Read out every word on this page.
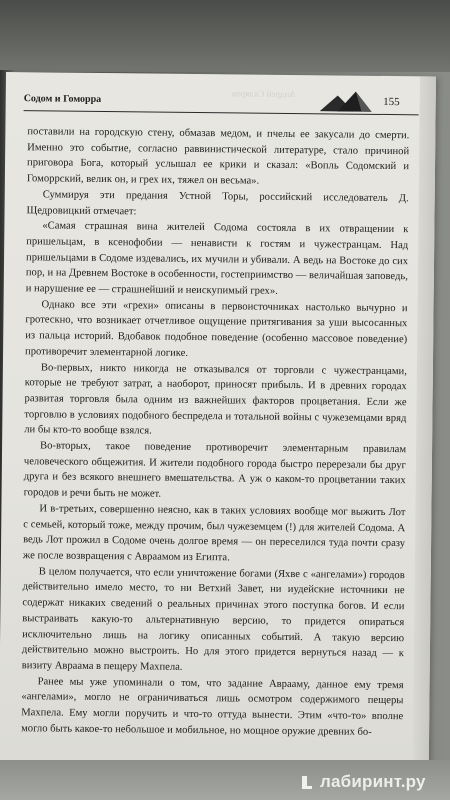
Андрей Скляров
Содом и Гоморра	155

поставили на городскую стену, обмазав медом, и пчелы ее закусали до смерти. Именно это событие, согласно раввинистической литературе, стало причиной приговора Бога, который услышал ее крики и сказал: «Вопль Содомский и Гоморрский, велик он, и грех их, тяжел он весьма».

Суммируя эти предания Устной Торы, российский исследователь Д. Щедровицкий отмечает:

«Самая страшная вина жителей Содома состояла в их отвращении к пришельцам, в ксенофобии — ненависти к гостям и чужестранцам. Над пришельцами в Содоме издевались, их мучили и убивали. А ведь на Востоке до сих пор, и на Древнем Востоке в особенности, гостеприимство — величайшая заповедь, и нарушение ее — страшнейший и неискупимый грех».

Однако все эти «грехи» описаны в первоисточниках настолько вычурно и гротескно, что возникает отчетливое ощущение притягивания за уши высосанных из пальца историй. Вдобавок подобное поведение (особенно массовое поведение) противоречит элементарной логике.

Во-первых, никто никогда не отказывался от торговли с чужестранцами, которые не требуют затрат, а наоборот, приносят прибыль. И в древних городах развитая торговля была одним из важнейших факторов процветания. Если же торговлю в условиях подобного беспредела и тотальной войны с чужеземцами вряд ли бы кто-то вообще взялся.

Во-вторых, такое поведение противоречит элементарным правилам человеческого общежития. И жители подобного города быстро перерезали бы друг друга и без всякого внешнего вмешательства. А уж о каком-то процветании таких городов и речи быть не может.

И в-третьих, совершенно неясно, как в таких условиях вообще мог выжить Лот с семьей, который тоже, между прочим, был чужеземцем (!) для жителей Содома. А ведь Лот прожил в Содоме очень долгое время — он переселился туда почти сразу же после возвращения с Авраамом из Египта.

В целом получается, что если уничтожение богами (Яхве с «ангелами») городов действительно имело место, то ни Ветхий Завет, ни иудейские источники не содержат никаких сведений о реальных причинах этого поступка богов. И если выстраивать какую-то альтернативную версию, то придется опираться исключительно лишь на логику описанных событий. А такую версию действительно можно выстроить. Но для этого придется вернуться назад — к визиту Авраама в пещеру Махпела.

Ранее мы уже упоминали о том, что задание Аврааму, данное ему тремя «ангелами», могло не ограничиваться лишь осмотром содержимого пещеры Махпела. Ему могли поручить и что-то оттуда вынести. Этим «что-то» вполне могло быть какое-то небольшое и мобильное, но мощное оружие древних бо-

лабиринт.ру
